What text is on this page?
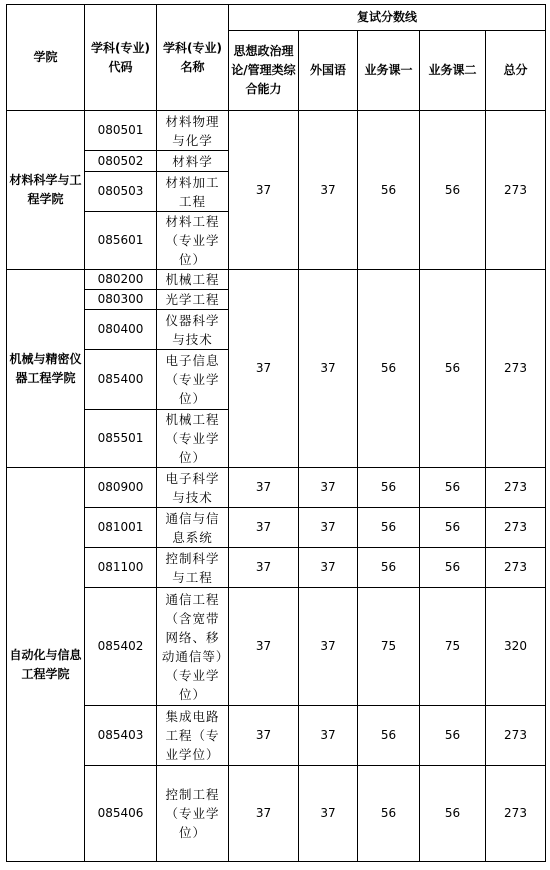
学院	学科(专业)代码	学科(专业)名称	复试分数线				
			思想政治理论/管理类综合能力	外国语	业务课一	业务课二	总分
材料科学与工程学院	080501	材料物理与化学	37	37	56	56	273
	080502	材料学					
	080503	材料加工工程					
	085601	材料工程（专业学位）					
机械与精密仪器工程学院	080200	机械工程	37	37	56	56	273
	080300	光学工程					
	080400	仪器科学与技术					
	085400	电子信息（专业学位）					
	085501	机械工程（专业学位）					
自动化与信息工程学院	080900	电子科学与技术	37	37	56	56	273
	081001	通信与信息系统	37	37	56	56	273
	081100	控制科学与工程	37	37	56	56	273
	085402	通信工程（含宽带网络、移动通信等）（专业学位）	37	37	75	75	320
	085403	集成电路工程（专业学位）	37	37	56	56	273
	085406	控制工程（专业学位）	37	37	56	56	273
